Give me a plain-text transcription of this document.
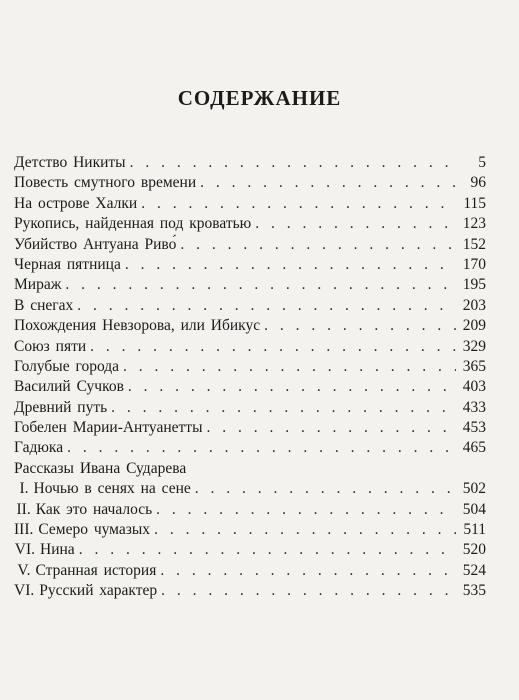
СОДЕРЖАНИЕ
Детство Никиты . . .	5
Повесть смутного времени . . .	96
На острове Халки . . .	115
Рукопись, найденная под кроватью . . .	123
Убийство Антуана Риво́ . . .	152
Черная пятница . . .	170
Мираж . . .	195
В снегах . . .	203
Похождения Невзорова, или Ибикус . . .	209
Союз пяти . . .	329
Голубые города . . .	365
Василий Сучков . . .	403
Древний путь . . .	433
Гобелен Марии-Антуанетты . . .	453
Гадюка . . .	465
Рассказы Ивана Сударева
I. Ночью в сенях на сене . . .	502
II. Как это началось . . .	504
III. Семеро чумазых . . .	511
VI. Нина . . .	520
V. Странная история . . .	524
VI. Русский характер . . .	535
